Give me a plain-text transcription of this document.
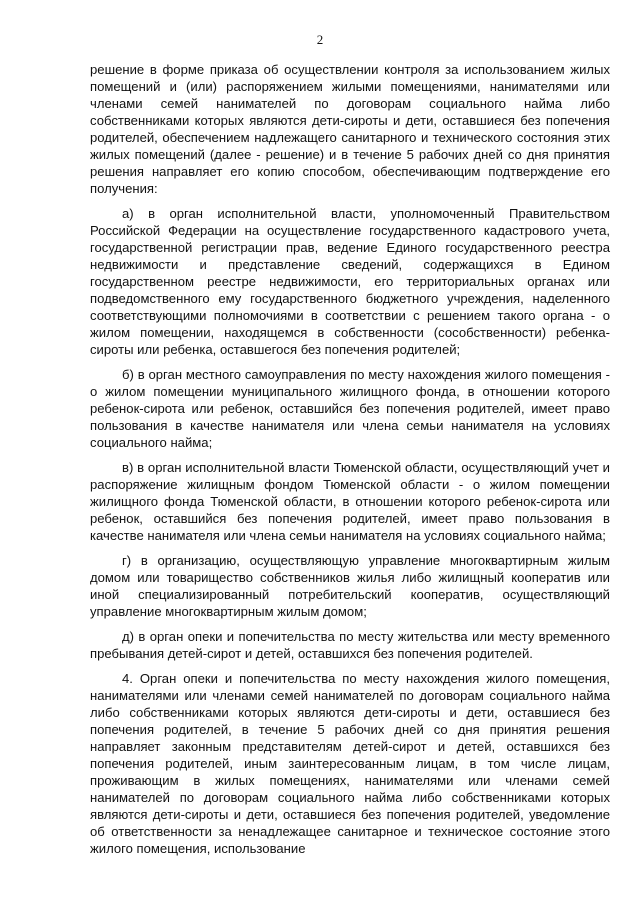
2

решение в форме приказа об осуществлении контроля за использованием жилых помещений и (или) распоряжением жилыми помещениями, нанимателями или членами семей нанимателей по договорам социального найма либо собственниками которых являются дети-сироты и дети, оставшиеся без попечения родителей, обеспечением надлежащего санитарного и технического состояния этих жилых помещений (далее - решение) и в течение 5 рабочих дней со дня принятия решения направляет его копию способом, обеспечивающим подтверждение его получения:

а) в орган исполнительной власти, уполномоченный Правительством Российской Федерации на осуществление государственного кадастрового учета, государственной регистрации прав, ведение Единого государственного реестра недвижимости и представление сведений, содержащихся в Едином государственном реестре недвижимости, его территориальных органах или подведомственного ему государственного бюджетного учреждения, наделенного соответствующими полномочиями в соответствии с решением такого органа - о жилом помещении, находящемся в собственности (сособственности) ребенка-сироты или ребенка, оставшегося без попечения родителей;

б) в орган местного самоуправления по месту нахождения жилого помещения - о жилом помещении муниципального жилищного фонда, в отношении которого ребенок-сирота или ребенок, оставшийся без попечения родителей, имеет право пользования в качестве нанимателя или члена семьи нанимателя на условиях социального найма;

в) в орган исполнительной власти Тюменской области, осуществляющий учет и распоряжение жилищным фондом Тюменской области - о жилом помещении жилищного фонда Тюменской области, в отношении которого ребенок-сирота или ребенок, оставшийся без попечения родителей, имеет право пользования в качестве нанимателя или члена семьи нанимателя на условиях социального найма;

г) в организацию, осуществляющую управление многоквартирным жилым домом или товарищество собственников жилья либо жилищный кооператив или иной специализированный потребительский кооператив, осуществляющий управление многоквартирным жилым домом;

д) в орган опеки и попечительства по месту жительства или месту временного пребывания детей-сирот и детей, оставшихся без попечения родителей.

4. Орган опеки и попечительства по месту нахождения жилого помещения, нанимателями или членами семей нанимателей по договорам социального найма либо собственниками которых являются дети-сироты и дети, оставшиеся без попечения родителей, в течение 5 рабочих дней со дня принятия решения направляет законным представителям детей-сирот и детей, оставшихся без попечения родителей, иным заинтересованным лицам, в том числе лицам, проживающим в жилых помещениях, нанимателями или членами семей нанимателей по договорам социального найма либо собственниками которых являются дети-сироты и дети, оставшиеся без попечения родителей, уведомление об ответственности за ненадлежащее санитарное и техническое состояние этого жилого помещения, использование
